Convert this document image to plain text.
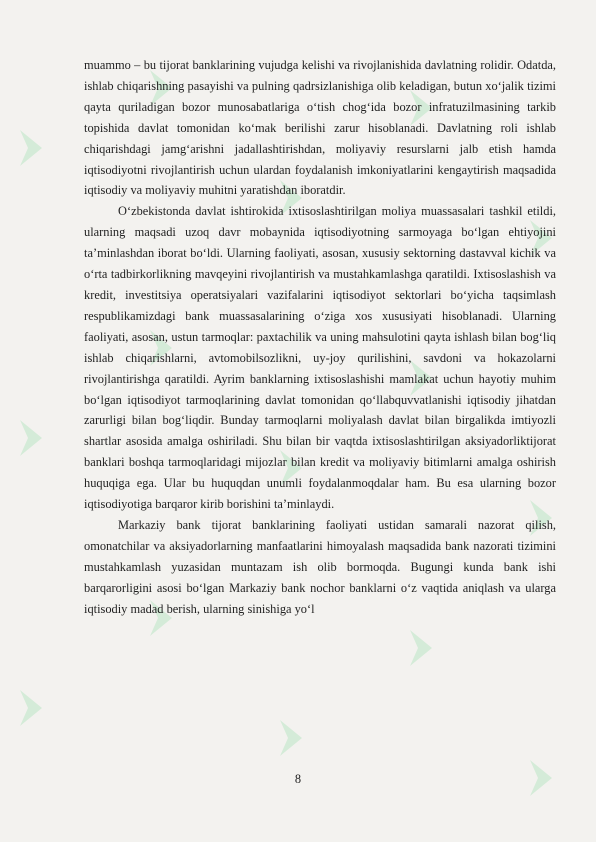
muammo – bu tijorat banklarining vujudga kelishi va rivojlanishida davlatning rolidir. Odatda, ishlab chiqarishning pasayishi va pulning qadrsizlanishiga olib keladigan, butun xo‘jalik tizimi qayta quriladigan bozor munosabatlariga o‘tish chog‘ida bozor infratuzilmasining tarkib topishida davlat tomonidan ko‘mak berilishi zarur hisoblanadi. Davlatning roli ishlab chiqarishdagi jamg‘arishni jadallashtirishdan, moliyaviy resurslarni jalb etish hamda iqtisodiyotni rivojlantirish uchun ulardan foydalanish imkoniyatlarini kengaytirish maqsadida iqtisodiy va moliyaviy muhitni yaratishdan iboratdir.

O‘zbekistonda davlat ishtirokida ixtisoslashtirilgan moliya muassasalari tashkil etildi, ularning maqsadi uzoq davr mobaynida iqtisodiyotning sarmoyaga bo‘lgan ehtiyojini ta’minlashdan iborat bo‘ldi. Ularning faoliyati, asosan, xususiy sektorning dastavval kichik va o‘rta tadbirkorlikning mavqeyini rivojlantirish va mustahkamlashga qaratildi. Ixtisoslashish va kredit, investitsiya operatsiyalari vazifalarini iqtisodiyot sektorlari bo‘yicha taqsimlash respublikamizdagi bank muassasalarining o‘ziga xos xususiyati hisoblanadi. Ularning faoliyati, asosan, ustun tarmoqlar: paxtachilik va uning mahsulotini qayta ishlash bilan bog‘liq ishlab chiqarishlarni, avtomobilsozlikni, uy-joy qurilishini, savdoni va hokazolarni rivojlantirishga qaratildi. Ayrim banklarning ixtisoslashishi mamlakat uchun hayotiy muhim bo‘lgan iqtisodiyot tarmoqlarining davlat tomonidan qo‘llabquvvatlanishi iqtisodiy jihatdan zarurligi bilan bog‘liqdir. Bunday tarmoqlarni moliyalash davlat bilan birgalikda imtiyozli shartlar asosida amalga oshiriladi. Shu bilan bir vaqtda ixtisoslashtirilgan aksiyadorliktijorat banklari boshqa tarmoqlaridagi mijozlar bilan kredit va moliyaviy bitimlarni amalga oshirish huquqiga ega. Ular bu huquqdan unumli foydalanmoqdalar ham. Bu esa ularning bozor iqtisodiyotiga barqaror kirib borishini ta’minlaydi.

Markaziy bank tijorat banklarining faoliyati ustidan samarali nazorat qilish, omonatchilar va aksiyadorlarning manfaatlarini himoyalash maqsadida bank nazorati tizimini mustahkamlash yuzasidan muntazam ish olib bormoqda. Bugungi kunda bank ishi barqarorligini asosi bo‘lgan Markaziy bank nochor banklarni o‘z vaqtida aniqlash va ularga iqtisodiy madad berish, ularning sinishiga yo‘l

8
